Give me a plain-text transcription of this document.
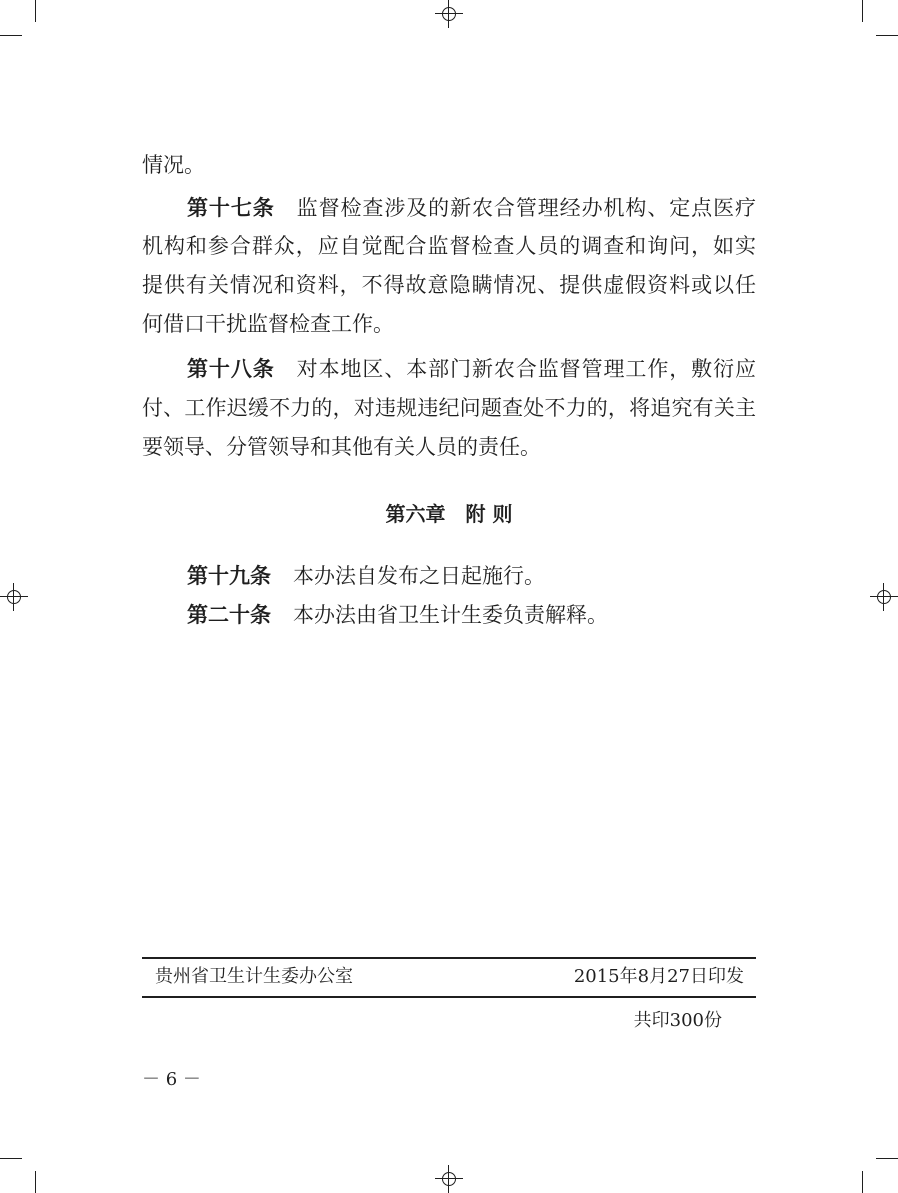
情况。
第十七条 监督检查涉及的新农合管理经办机构、定点医疗
机构和参合群众，应自觉配合监督检查人员的调查和询问，如实
提供有关情况和资料，不得故意隐瞒情况、提供虚假资料或以任
何借口干扰监督检查工作。
第十八条 对本地区、本部门新农合监督管理工作，敷衍应
付、工作迟缓不力的，对违规违纪问题查处不力的，将追究有关主
要领导、分管领导和其他有关人员的责任。
第六章 附 则
第十九条 本办法自发布之日起施行。
第二十条 本办法由省卫生计生委负责解释。
贵州省卫生计生委办公室	2015年8月27日印发
共印300份
－ 6 －
